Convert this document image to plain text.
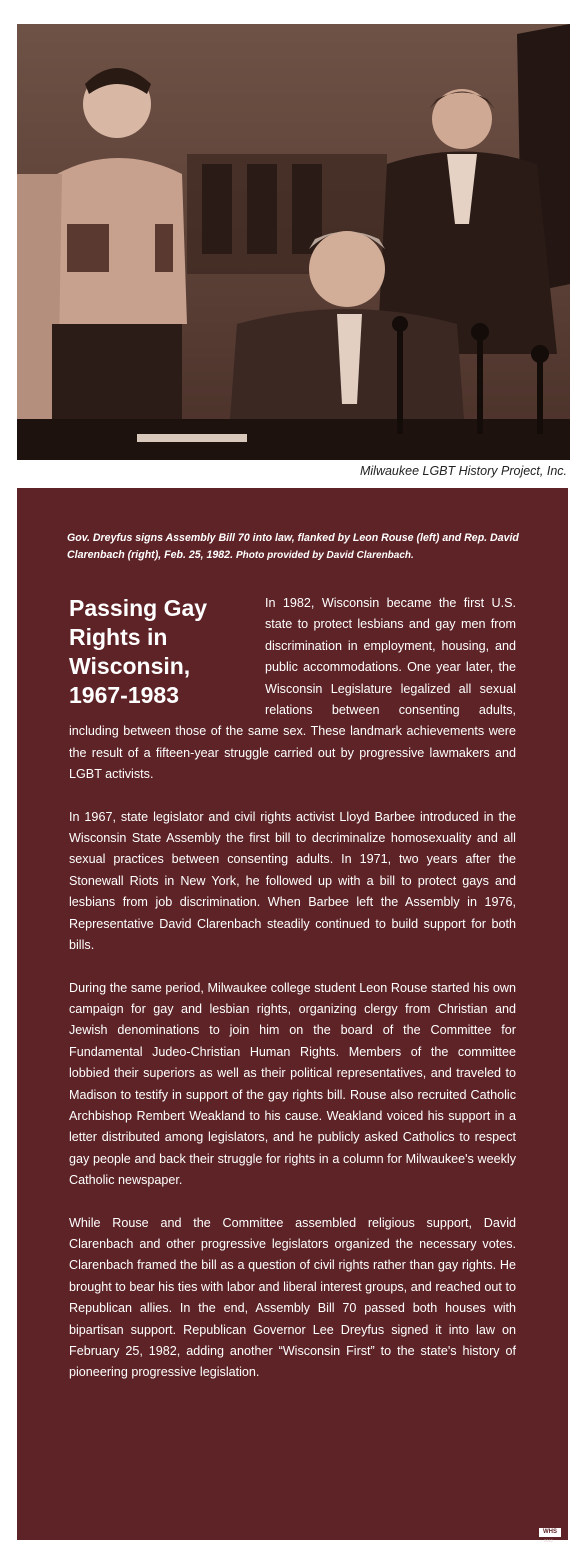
Milwaukee LGBT History Project, Inc.
Gov. Dreyfus signs Assembly Bill 70 into law, flanked by Leon Rouse (left) and Rep. David Clarenbach (right), Feb. 25, 1982. Photo provided by David Clarenbach.
Passing Gay Rights in Wisconsin, 1967-1983

In 1982, Wisconsin became the first U.S. state to protect lesbians and gay men from discrimination in employment, housing, and public accommodations. One year later, the Wisconsin Legislature legalized all sexual relations between consenting adults, including between those of the same sex. These landmark achievements were the result of a fifteen-year struggle carried out by progressive lawmakers and LGBT activists.

In 1967, state legislator and civil rights activist Lloyd Barbee introduced in the Wisconsin State Assembly the first bill to decriminalize homosexuality and all sexual practices between consenting adults. In 1971, two years after the Stonewall Riots in New York, he followed up with a bill to protect gays and lesbians from job discrimination. When Barbee left the Assembly in 1976, Representative David Clarenbach steadily continued to build support for both bills.

During the same period, Milwaukee college student Leon Rouse started his own campaign for gay and lesbian rights, organizing clergy from Christian and Jewish denominations to join him on the board of the Committee for Fundamental Judeo-Christian Human Rights. Members of the committee lobbied their superiors as well as their political representatives, and traveled to Madison to testify in support of the gay rights bill. Rouse also recruited Catholic Archbishop Rembert Weakland to his cause. Weakland voiced his support in a letter distributed among legislators, and he publicly asked Catholics to respect gay people and back their struggle for rights in a column for Milwaukee's weekly Catholic newspaper.

While Rouse and the Committee assembled religious support, David Clarenbach and other progressive legislators organized the necessary votes. Clarenbach framed the bill as a question of civil rights rather than gay rights. He brought to bear his ties with labor and liberal interest groups, and reached out to Republican allies. In the end, Assembly Bill 70 passed both houses with bipartisan support. Republican Governor Lee Dreyfus signed it into law on February 25, 1982, adding another “Wisconsin First” to the state's history of pioneering progressive legislation.

WHS
2012
